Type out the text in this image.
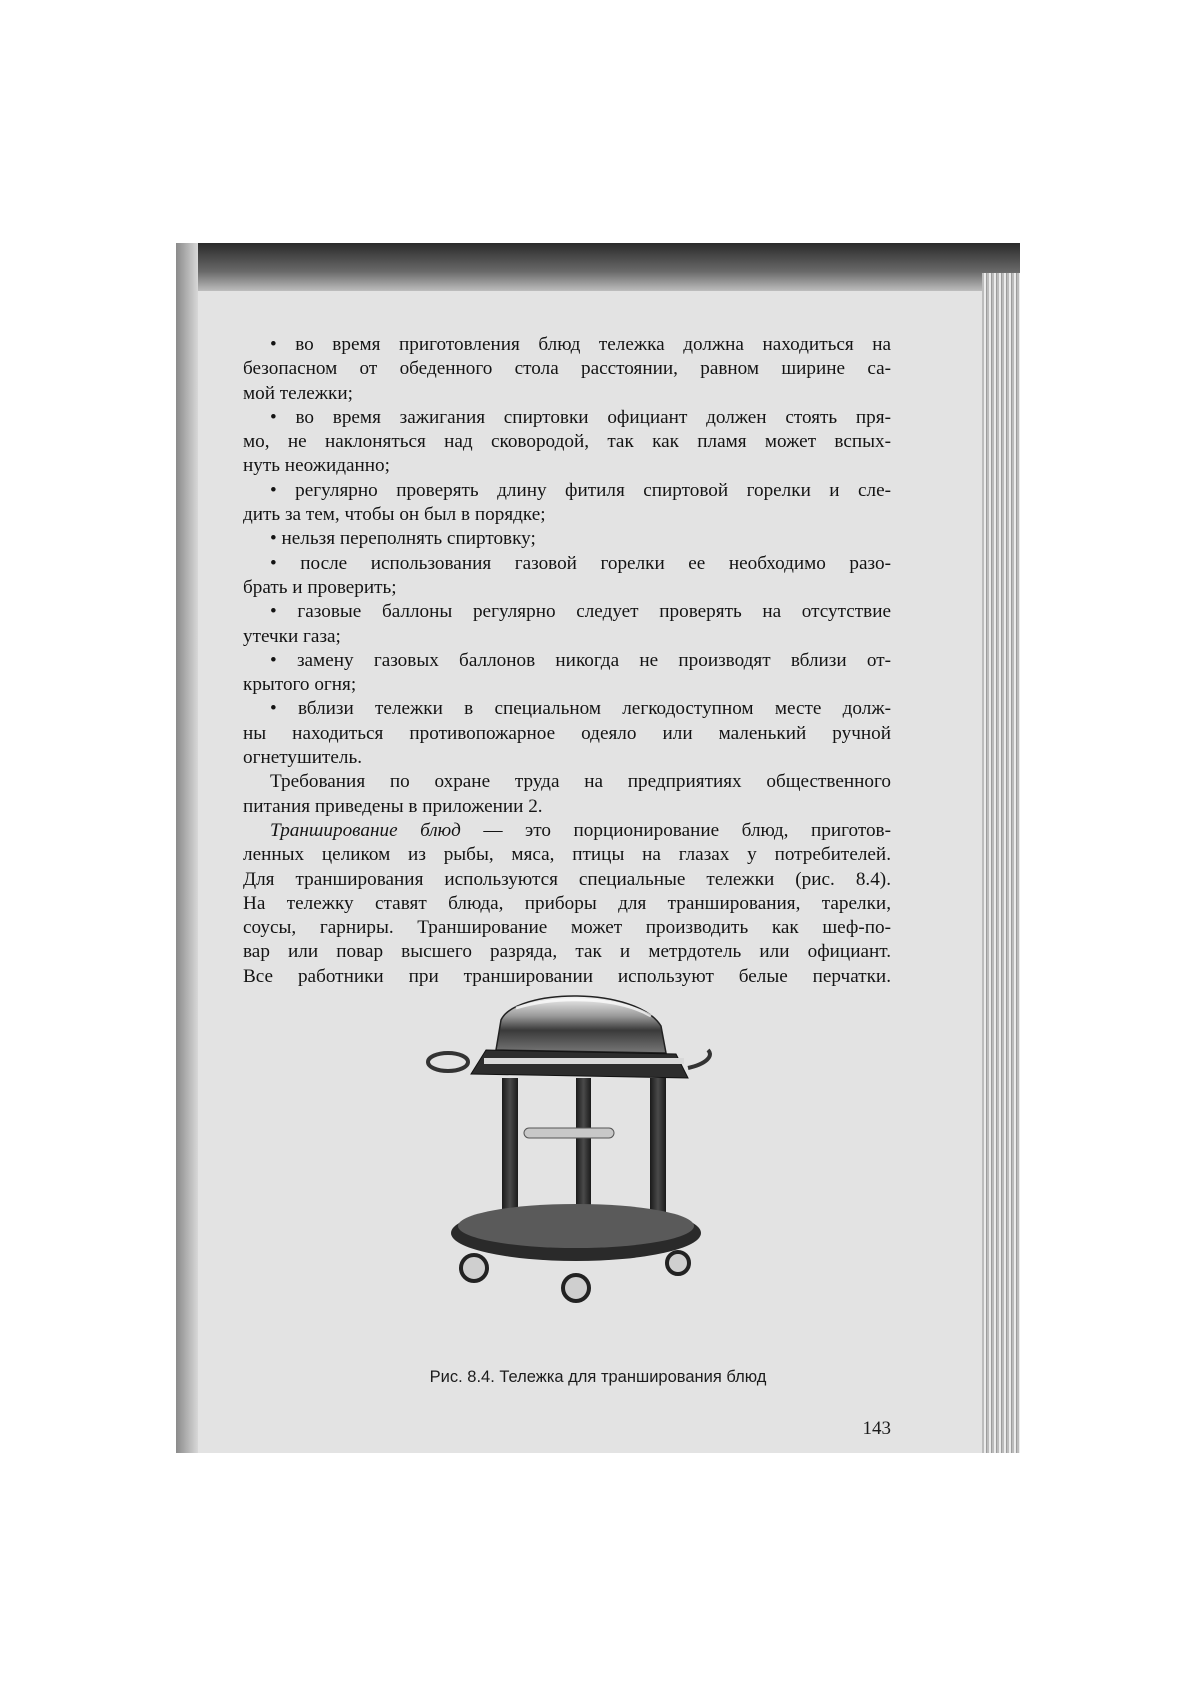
• во время приготовления блюд тележка должна находиться на
безопасном от обеденного стола расстоянии, равном ширине са-
мой тележки;

• во время зажигания спиртовки официант должен стоять пря-
мо, не наклоняться над сковородой, так как пламя может вспых-
нуть неожиданно;

• регулярно проверять длину фитиля спиртовой горелки и сле-
дить за тем, чтобы он был в порядке;

• нельзя переполнять спиртовку;

• после использования газовой горелки ее необходимо разо-
брать и проверить;

• газовые баллоны регулярно следует проверять на отсутствие
утечки газа;

• замену газовых баллонов никогда не производят вблизи от-
крытого огня;

• вблизи тележки в специальном легкодоступном месте долж-
ны находиться противопожарное одеяло или маленький ручной
огнетушитель.

Требования по охране труда на предприятиях общественного
питания приведены в приложении 2.

Транширование блюд — это порционирование блюд, приготов-
ленных целиком из рыбы, мяса, птицы на глазах у потребителей.
Для транширования используются специальные тележки (рис. 8.4).
На тележку ставят блюда, приборы для транширования, тарелки,
соусы, гарниры. Транширование может производить как шеф-по-
вар или повар высшего разряда, так и метрдотель или официант.
Все работники при траншировании используют белые перчатки.

Рис. 8.4. Тележка для транширования блюд
143
